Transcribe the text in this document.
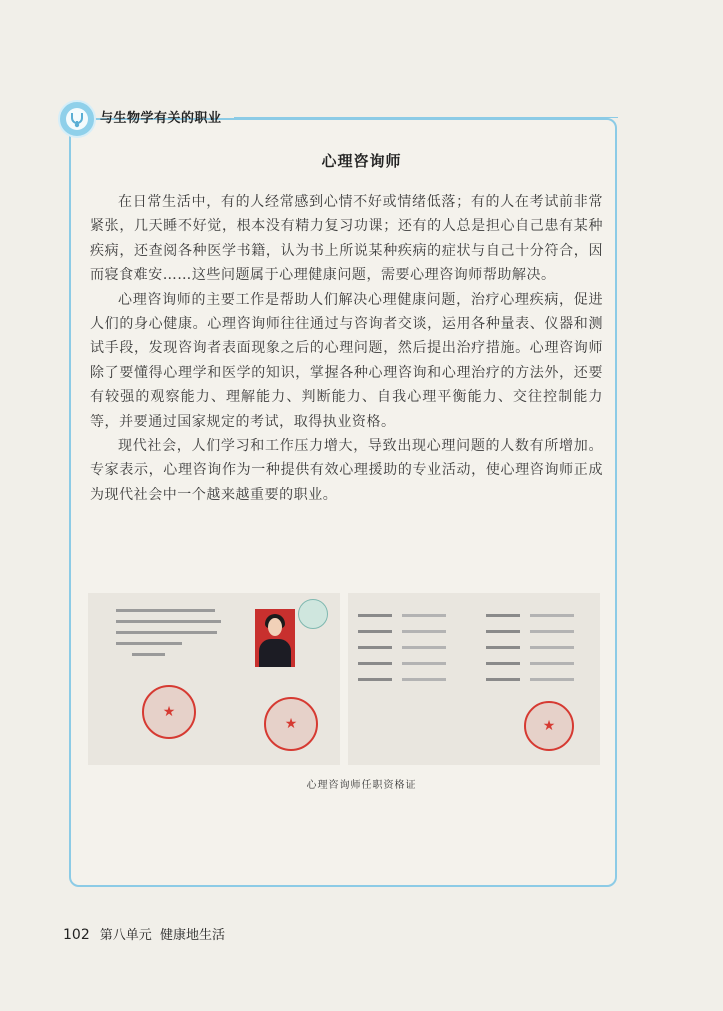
与生物学有关的职业
心理咨询师

在日常生活中，有的人经常感到心情不好或情绪低落；有的人在考试前非常紧张，几天睡不好觉，根本没有精力复习功课；还有的人总是担心自己患有某种疾病，还查阅各种医学书籍，认为书上所说某种疾病的症状与自己十分符合，因而寝食难安……这些问题属于心理健康问题，需要心理咨询师帮助解决。

心理咨询师的主要工作是帮助人们解决心理健康问题，治疗心理疾病，促进人们的身心健康。心理咨询师往往通过与咨询者交谈，运用各种量表、仪器和测试手段，发现咨询者表面现象之后的心理问题，然后提出治疗措施。心理咨询师除了要懂得心理学和医学的知识，掌握各种心理咨询和心理治疗的方法外，还要有较强的观察能力、理解能力、判断能力、自我心理平衡能力、交往控制能力等，并要通过国家规定的考试，取得执业资格。

现代社会，人们学习和工作压力增大，导致出现心理问题的人数有所增加。专家表示，心理咨询作为一种提供有效心理援助的专业活动，使心理咨询师正成为现代社会中一个越来越重要的职业。

★
★	★
心理咨询师任职资格证
102 第八单元 健康地生活
